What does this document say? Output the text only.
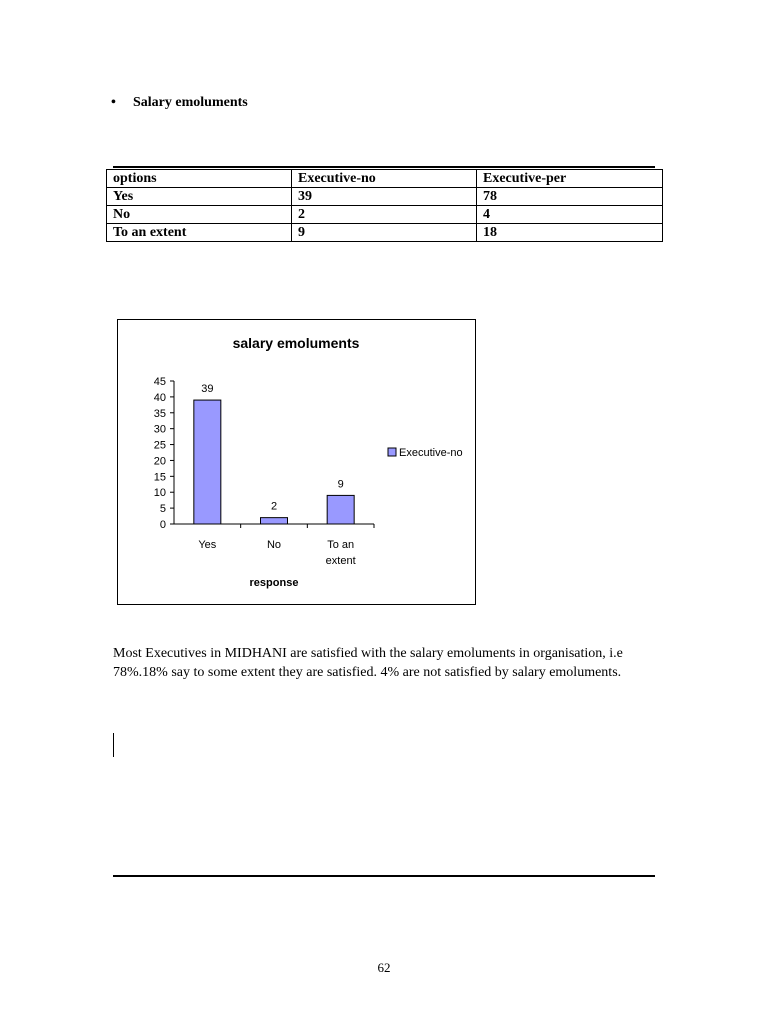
• Salary emoluments
options	Executive-no	Executive-per
Yes	39	78
No	2	4
To an extent	9	18
salary emoluments
0
5
10
15
20
25
30
35
40
45
39
Yes
2
No
9
To an
extent
response
Executive-no
Most Executives in MIDHANI are satisfied with the salary emoluments in organisation, i.e 78%.18% say to some extent they are satisfied. 4% are not satisfied by salary emoluments.
62
